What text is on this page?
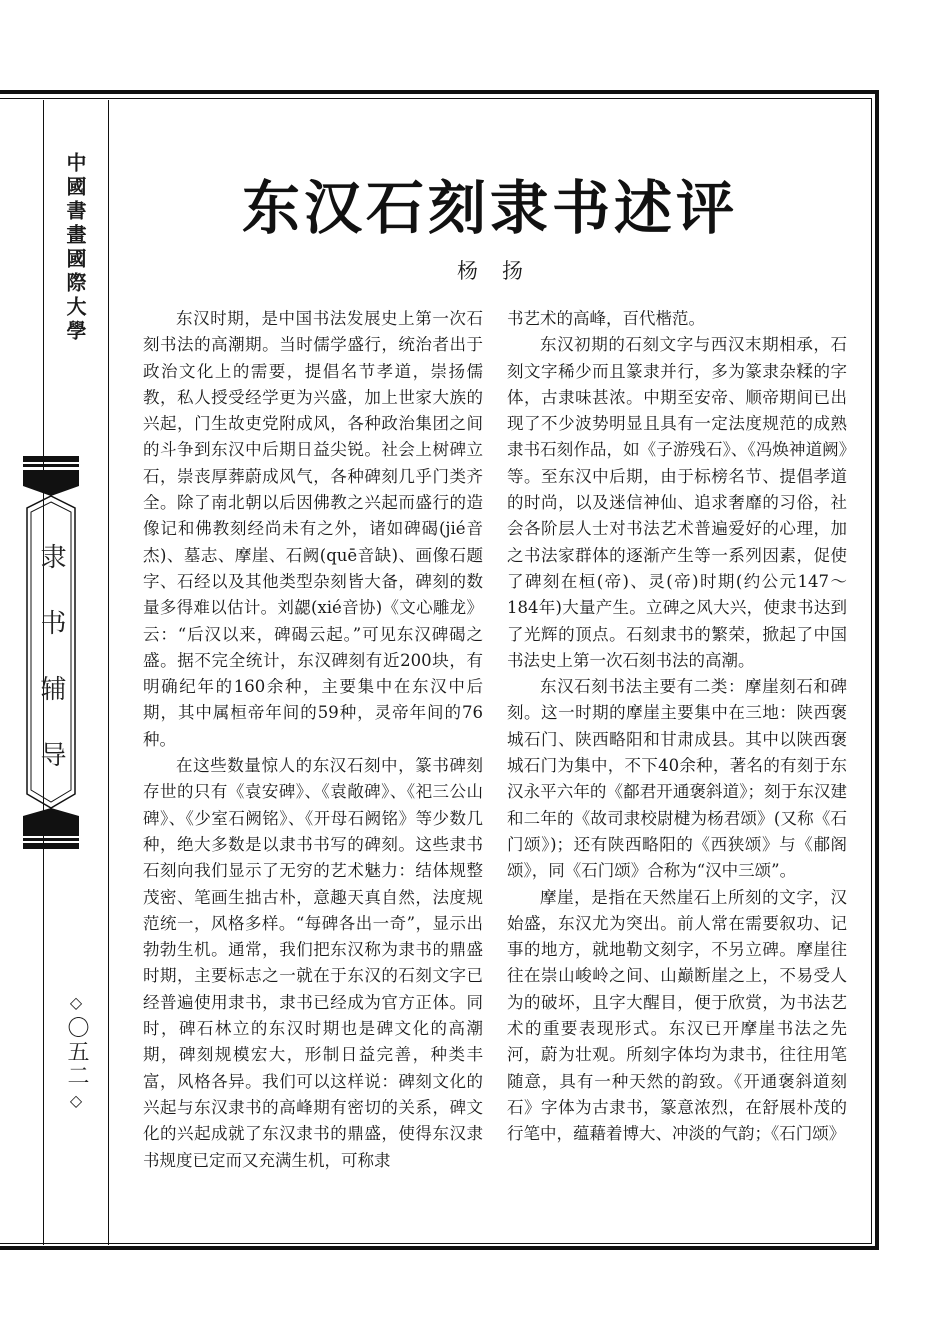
中國書畫國際大學
隶书辅导
◇
〇五二
◇
东汉石刻隶书述评
杨扬

东汉时期，是中国书法发展史上第一次石刻书法的高潮期。当时儒学盛行，统治者出于政治文化上的需要，提倡名节孝道，崇扬儒教，私人授受经学更为兴盛，加上世家大族的兴起，门生故吏党附成风，各种政治集团之间的斗争到东汉中后期日益尖锐。社会上树碑立石，崇丧厚葬蔚成风气，各种碑刻几乎门类齐全。除了南北朝以后因佛教之兴起而盛行的造像记和佛教刻经尚未有之外，诸如碑碣(jié音杰)、墓志、摩崖、石阙(quē音缺)、画像石题字、石经以及其他类型杂刻皆大备，碑刻的数量多得难以估计。刘勰(xié音协)《文心雕龙》云：“后汉以来，碑碣云起。”可见东汉碑碣之盛。据不完全统计，东汉碑刻有近200块，有明确纪年的160余种，主要集中在东汉中后期，其中属桓帝年间的59种，灵帝年间的76种。

在这些数量惊人的东汉石刻中，篆书碑刻存世的只有《袁安碑》、《袁敞碑》、《祀三公山碑》、《少室石阙铭》、《开母石阙铭》等少数几种，绝大多数是以隶书书写的碑刻。这些隶书石刻向我们显示了无穷的艺术魅力：结体规整茂密、笔画生拙古朴，意趣天真自然，法度规范统一，风格多样。“每碑各出一奇”，显示出勃勃生机。通常，我们把东汉称为隶书的鼎盛时期，主要标志之一就在于东汉的石刻文字已经普遍使用隶书，隶书已经成为官方正体。同时，碑石林立的东汉时期也是碑文化的高潮期，碑刻规模宏大，形制日益完善，种类丰富，风格各异。我们可以这样说：碑刻文化的兴起与东汉隶书的高峰期有密切的关系，碑文化的兴起成就了东汉隶书的鼎盛，使得东汉隶书规度已定而又充满生机，可称隶

书艺术的高峰，百代楷范。

东汉初期的石刻文字与西汉末期相承，石刻文字稀少而且篆隶并行，多为篆隶杂糅的字体，古隶味甚浓。中期至安帝、顺帝期间已出现了不少波势明显且具有一定法度规范的成熟隶书石刻作品，如《子游残石》、《冯焕神道阙》等。至东汉中后期，由于标榜名节、提倡孝道的时尚，以及迷信神仙、追求奢靡的习俗，社会各阶层人士对书法艺术普遍爱好的心理，加之书法家群体的逐渐产生等一系列因素，促使了碑刻在桓(帝)、灵(帝)时期(约公元147～184年)大量产生。立碑之风大兴，使隶书达到了光辉的顶点。石刻隶书的繁荣，掀起了中国书法史上第一次石刻书法的高潮。

东汉石刻书法主要有二类：摩崖刻石和碑刻。这一时期的摩崖主要集中在三地：陕西褒城石门、陕西略阳和甘肃成县。其中以陕西褒城石门为集中，不下40余种，著名的有刻于东汉永平六年的《鄐君开通褒斜道》；刻于东汉建和二年的《故司隶校尉楗为杨君颂》(又称《石门颂》)；还有陕西略阳的《西狭颂》与《郙阁颂》，同《石门颂》合称为“汉中三颂”。

摩崖，是指在天然崖石上所刻的文字，汉始盛，东汉尤为突出。前人常在需要叙功、记事的地方，就地勒文刻字，不另立碑。摩崖往往在崇山峻岭之间、山巅断崖之上，不易受人为的破坏，且字大醒目，便于欣赏，为书法艺术的重要表现形式。东汉已开摩崖书法之先河，蔚为壮观。所刻字体均为隶书，往往用笔随意，具有一种天然的韵致。《开通褒斜道刻石》字体为古隶书，篆意浓烈，在舒展朴茂的行笔中，蕴藉着博大、冲淡的气韵；《石门颂》
